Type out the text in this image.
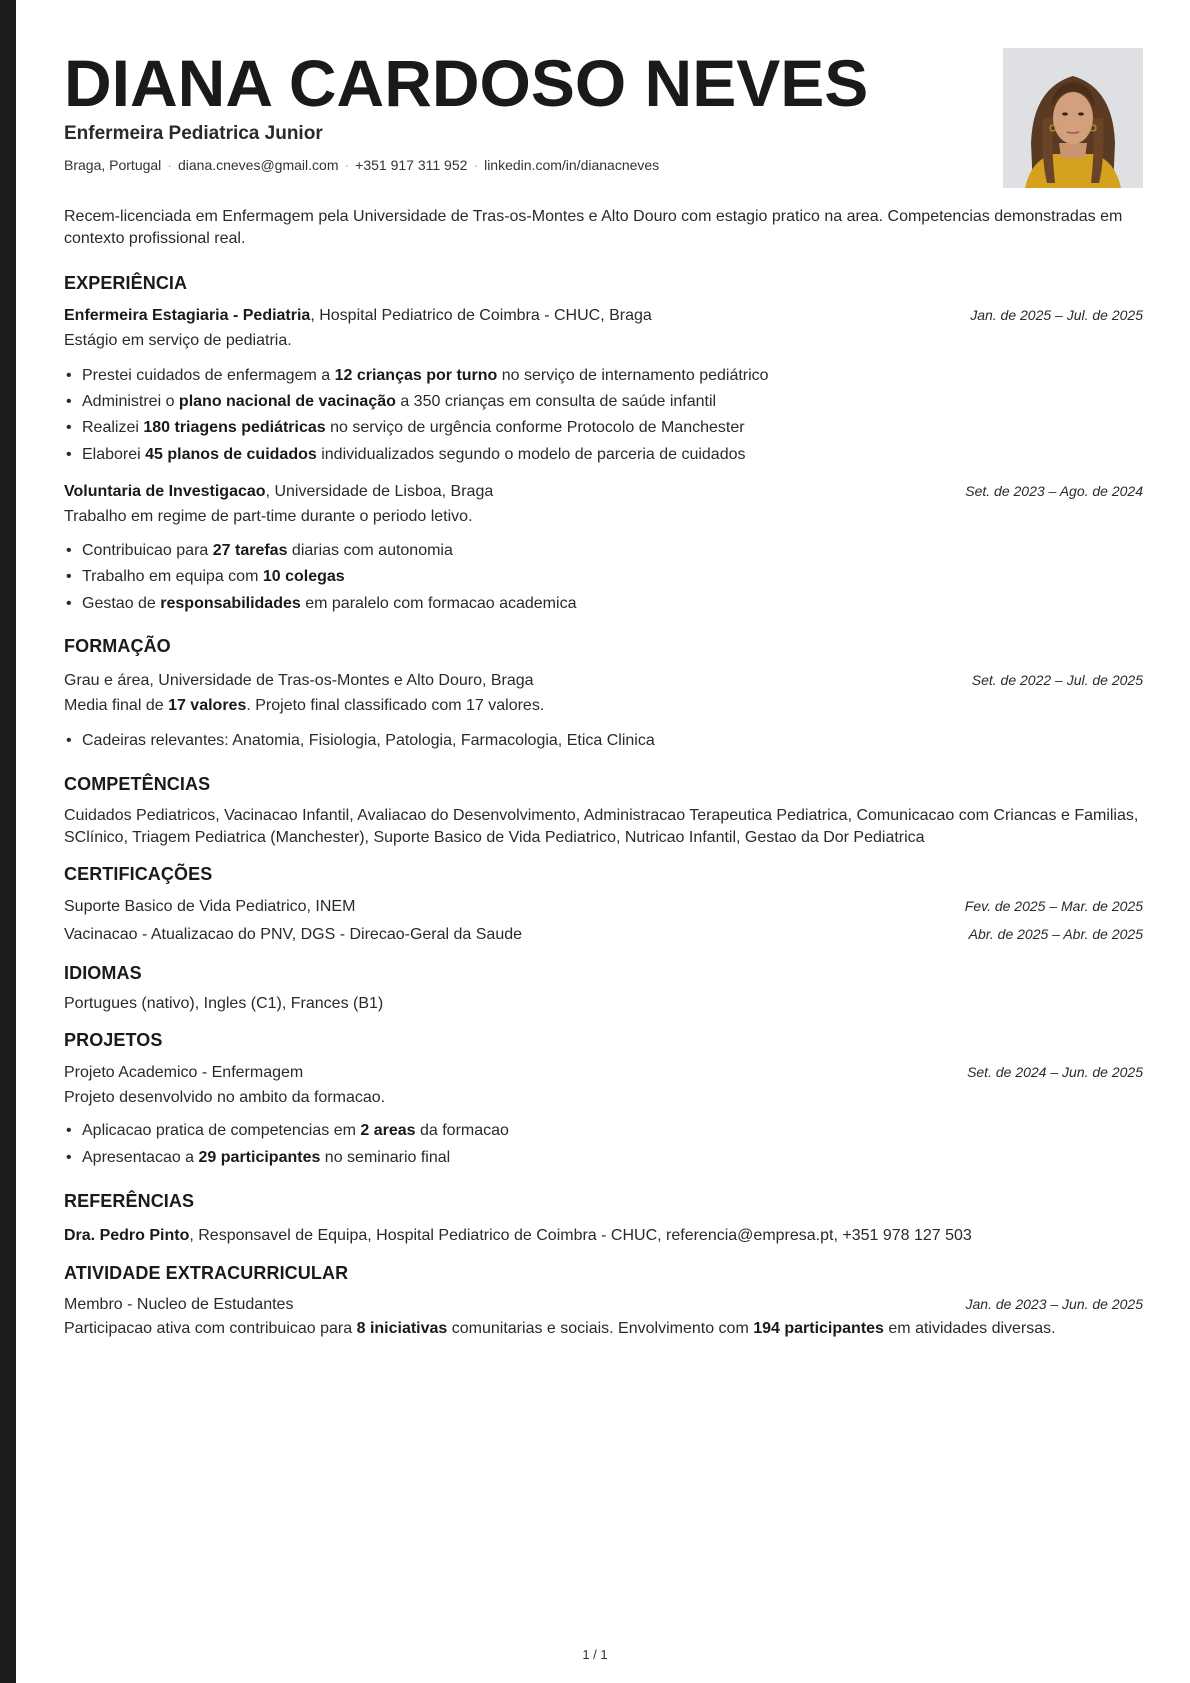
DIANA CARDOSO NEVES
Enfermeira Pediatrica Junior
Braga, Portugal · diana.cneves@gmail.com · +351 917 311 952 · linkedin.com/in/dianacneves
Recem-licenciada em Enfermagem pela Universidade de Tras-os-Montes e Alto Douro com estagio pratico na area. Competencias demonstradas em contexto profissional real.
EXPERIÊNCIA
Enfermeira Estagiaria - Pediatria, Hospital Pediatrico de Coimbra - CHUC, Braga	Jan. de 2025 – Jul. de 2025
Estágio em serviço de pediatria.
• Prestei cuidados de enfermagem a 12 crianças por turno no serviço de internamento pediátrico
• Administrei o plano nacional de vacinação a 350 crianças em consulta de saúde infantil
• Realizei 180 triagens pediátricas no serviço de urgência conforme Protocolo de Manchester
• Elaborei 45 planos de cuidados individualizados segundo o modelo de parceria de cuidados
Voluntaria de Investigacao, Universidade de Lisboa, Braga	Set. de 2023 – Ago. de 2024
Trabalho em regime de part-time durante o periodo letivo.
• Contribuicao para 27 tarefas diarias com autonomia
• Trabalho em equipa com 10 colegas
• Gestao de responsabilidades em paralelo com formacao academica
FORMAÇÃO
Grau e área, Universidade de Tras-os-Montes e Alto Douro, Braga	Set. de 2022 – Jul. de 2025
Media final de 17 valores. Projeto final classificado com 17 valores.
• Cadeiras relevantes: Anatomia, Fisiologia, Patologia, Farmacologia, Etica Clinica
COMPETÊNCIAS
Cuidados Pediatricos, Vacinacao Infantil, Avaliacao do Desenvolvimento, Administracao Terapeutica Pediatrica, Comunicacao com Criancas e Familias, SClínico, Triagem Pediatrica (Manchester), Suporte Basico de Vida Pediatrico, Nutricao Infantil, Gestao da Dor Pediatrica
CERTIFICAÇÕES
Suporte Basico de Vida Pediatrico, INEM	Fev. de 2025 – Mar. de 2025
Vacinacao - Atualizacao do PNV, DGS - Direcao-Geral da Saude	Abr. de 2025 – Abr. de 2025
IDIOMAS
Portugues (nativo), Ingles (C1), Frances (B1)
PROJETOS
Projeto Academico - Enfermagem	Set. de 2024 – Jun. de 2025
Projeto desenvolvido no ambito da formacao.
• Aplicacao pratica de competencias em 2 areas da formacao
• Apresentacao a 29 participantes no seminario final
REFERÊNCIAS
Dra. Pedro Pinto, Responsavel de Equipa, Hospital Pediatrico de Coimbra - CHUC, referencia@empresa.pt, +351 978 127 503
ATIVIDADE EXTRACURRICULAR
Membro - Nucleo de Estudantes	Jan. de 2023 – Jun. de 2025
Participacao ativa com contribuicao para 8 iniciativas comunitarias e sociais. Envolvimento com 194 participantes em atividades diversas.
1 / 1
